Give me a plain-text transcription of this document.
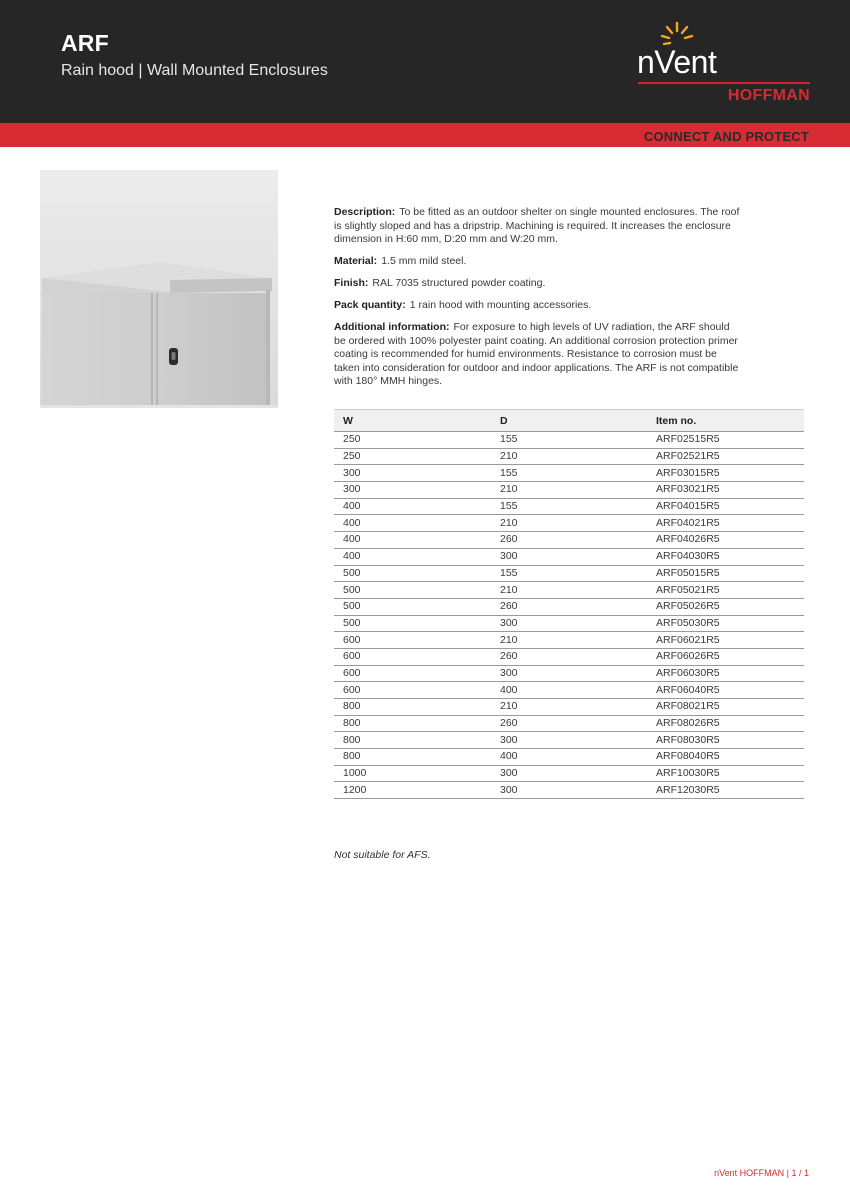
ARF

Rain hood | Wall Mounted Enclosures	nVent
HOFFMAN

CONNECT AND PROTECT

Description: To be fitted as an outdoor shelter on single mounted enclosures. The roof is slightly sloped and has a dripstrip. Machining is required. It increases the enclosure dimension in H:60 mm, D:20 mm and W:20 mm.

Material: 1.5 mm mild steel.

Finish: RAL 7035 structured powder coating.

Pack quantity: 1 rain hood with mounting accessories.

Additional information: For exposure to high levels of UV radiation, the ARF should be ordered with 100% polyester paint coating. An additional corrosion protection primer coating is recommended for humid environments. Resistance to corrosion must be taken into consideration for outdoor and indoor applications. The ARF is not compatible with 180° MMH hinges.

W	D	Item no.
250	155	ARF02515R5
250	210	ARF02521R5
300	155	ARF03015R5
300	210	ARF03021R5
400	155	ARF04015R5
400	210	ARF04021R5
400	260	ARF04026R5
400	300	ARF04030R5
500	155	ARF05015R5
500	210	ARF05021R5
500	260	ARF05026R5
500	300	ARF05030R5
600	210	ARF06021R5
600	260	ARF06026R5
600	300	ARF06030R5
600	400	ARF06040R5
800	210	ARF08021R5
800	260	ARF08026R5
800	300	ARF08030R5
800	400	ARF08040R5
1000	300	ARF10030R5
1200	300	ARF12030R5

Not suitable for AFS.

nVent HOFFMAN | 1 / 1
